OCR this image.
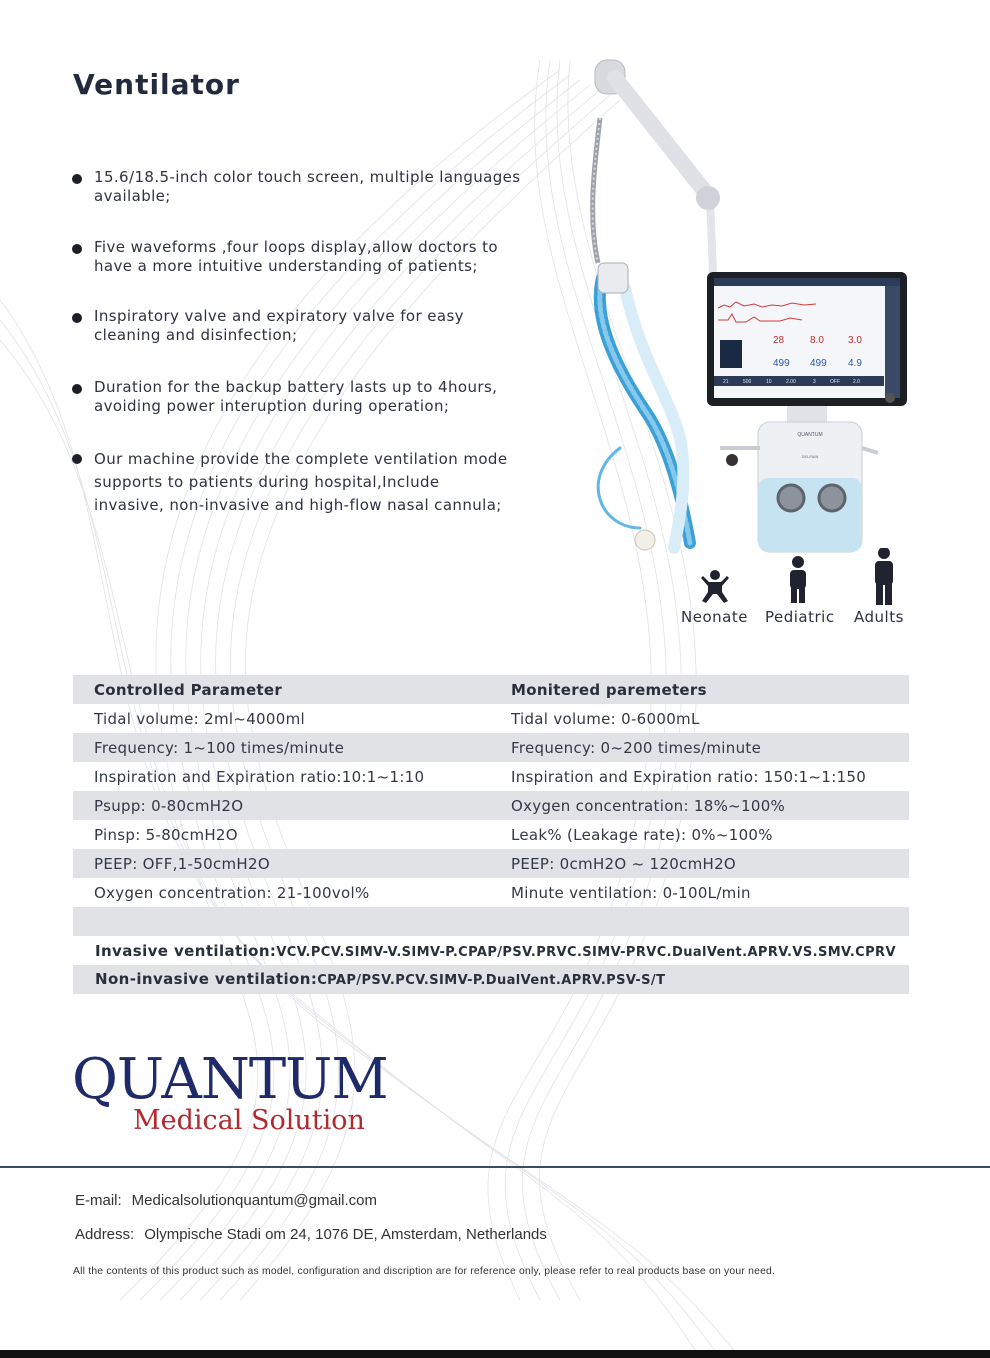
Ventilator
15.6/18.5-inch color touch screen, multiple languages
available;
Five waveforms ,four loops display,allow doctors to
have a more intuitive understanding of patients;
Inspiratory valve and expiratory valve for easy
cleaning and disinfection;
Duration for the backup battery lasts up to 4hours,
avoiding power interuption during operation;
Our machine provide the complete ventilation mode
supports to patients during hospital,Include
invasive, non-invasive and high-flow nasal cannula;
28	8.0 3.0
499 499 4.9
21	500	10	2.00	3	OFF	2.0
QUANTUM
DELFAIN
Neonate Pediatric Adults
Controlled Parameter	Monitered paremeters
Tidal volume: 2ml~4000ml	Tidal volume: 0-6000mL
Frequency: 1~100 times/minute	Frequency: 0~200 times/minute
Inspiration and Expiration ratio:10:1~1:10	Inspiration and Expiration ratio: 150:1~1:150
Psupp: 0-80cmH2O	Oxygen concentration: 18%~100%
Pinsp: 5-80cmH2O	Leak% (Leakage rate): 0%~100%
PEEP: OFF,1-50cmH2O	PEEP: 0cmH2O ~ 120cmH2O
Oxygen concentration: 21-100vol%	Minute ventilation: 0-100L/min
Invasive ventilation:VCV.PCV.SIMV-V.SIMV-P.CPAP/PSV.PRVC.SIMV-PRVC.DualVent.APRV.VS.SMV.CPRV
Non-invasive ventilation:CPAP/PSV.PCV.SIMV-P.DualVent.APRV.PSV-S/T
QUANTUM
Medical Solution
E-mail: Medicalsolutionquantum@gmail.com
Address: Olympische Stadi om 24, 1076 DE, Amsterdam, Netherlands
All the contents of this product such as model, configuration and discription are for reference only, please refer to real products base on your need.
